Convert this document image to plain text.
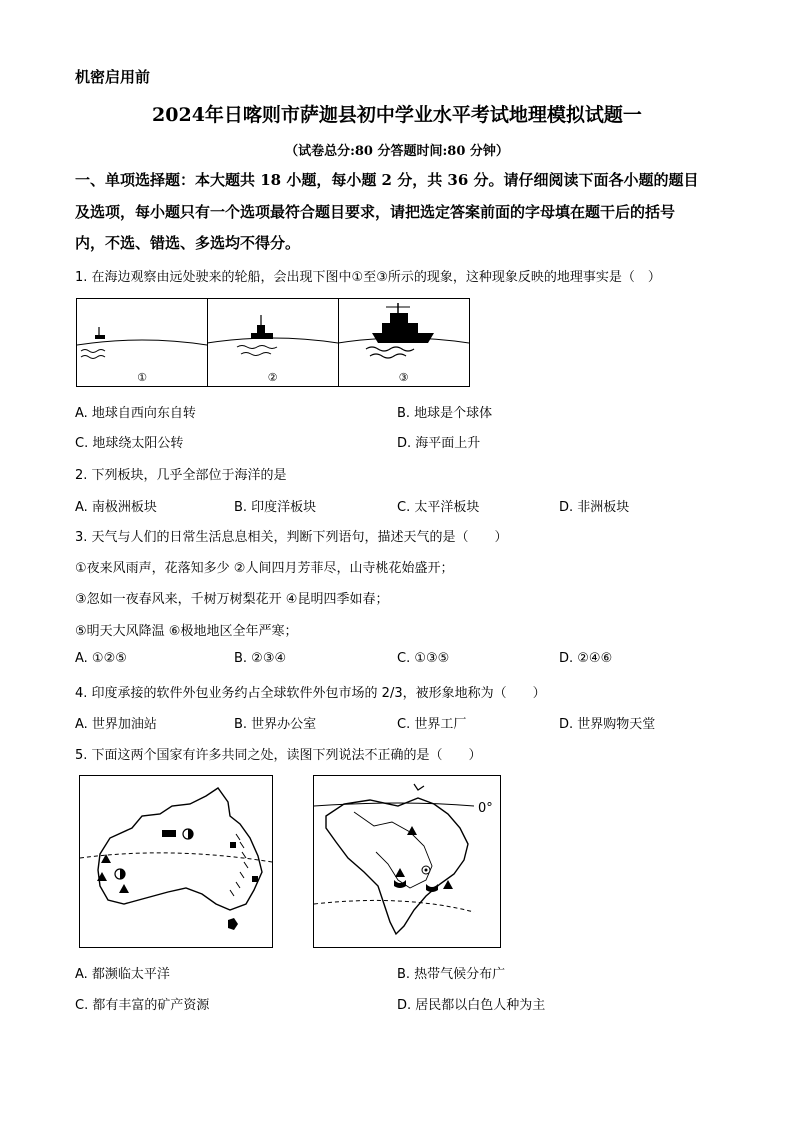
机密启用前
2024年日喀则市萨迦县初中学业水平考试地理模拟试题一
（试卷总分:80 分答题时间:80 分钟）
一、单项选择题：本大题共 18 小题，每小题 2 分，共 36 分。请仔细阅读下面各小题的题目
及选项，每小题只有一个选项最符合题目要求，请把选定答案前面的字母填在题干后的括号
内，不选、错选、多选均不得分。
1. 在海边观察由远处驶来的轮船，会出现下图中①至③所示的现象，这种现象反映的地理事实是（　）
①	②	③
A. 地球自西向东自转	B. 地球是个球体
C. 地球绕太阳公转	D. 海平面上升
2. 下列板块，几乎全部位于海洋的是
A. 南极洲板块	B. 印度洋板块	C. 太平洋板块	D. 非洲板块
3. 天气与人们的日常生活息息相关，判断下列语句，描述天气的是（　　）
①夜来风雨声，花落知多少 ②人间四月芳菲尽，山寺桃花始盛开；
③忽如一夜春风来，千树万树梨花开 ④昆明四季如春；
⑤明天大风降温 ⑥极地地区全年严寒；
A. ①②⑤	B. ②③④	C. ①③⑤	D. ②④⑥
4. 印度承接的软件外包业务约占全球软件外包市场的 2/3，被形象地称为（　　）
A. 世界加油站	B. 世界办公室	C. 世界工厂	D. 世界购物天堂
5. 下面这两个国家有许多共同之处，读图下列说法不正确的是（　　）
0°
A. 都濒临太平洋	B. 热带气候分布广
C. 都有丰富的矿产资源	D. 居民都以白色人种为主
